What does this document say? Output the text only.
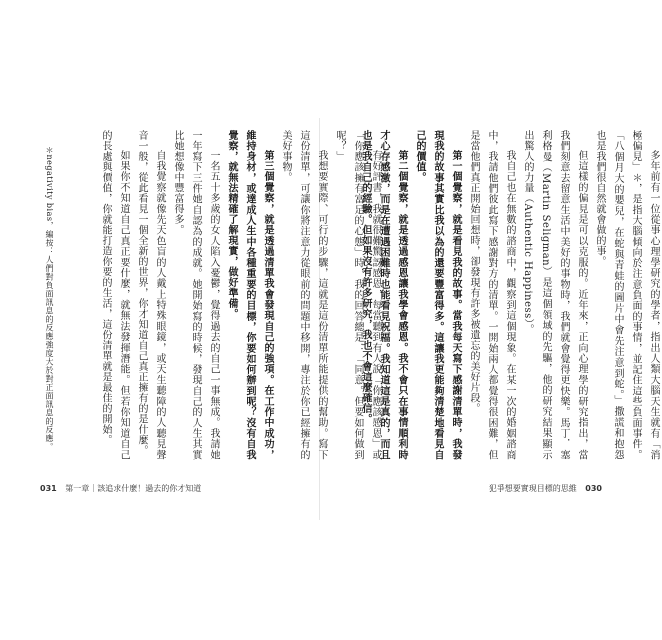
＊negativity bias，編按：人們對負面訊息的反應強度大於對正面訊息的反應。	有好評書，我就很難驚訝感恩，每當聽到有人說「你應該感恩」或「你應該擁有富足的心態」時，我的回答總是：「同意。但要如何做到呢？」

我想要實際、可行的步驟，這就是這份清單所能提供的幫助。寫下這份清單，可讓你將注意力從眼前的問題中移開，專注於你已經擁有的美好事物。

第三個覺察，就是透過清單我會發現自己的強項。在工作中成功，維持身材，或達成人生中各種重要的目標，你要如何辦到呢？沒有自我覺察，就無法精確了解現實，做好準備。

一名五十多歲的女人陷入憂鬱，覺得過去的自己一事無成。我請她一年寫下三件她自認為的成就。她開始寫的時候，發現自己的人生其實比她想像中豐富得多。

自我覺察就像先天色盲的人戴上特殊眼鏡，或天生聽障的人聽見聲音一般，從此看見一個全新的世界，你才知道自己真正擁有的是什麼。

如果你不知道自己真正要什麼，就無法發揮潛能。但若你知道自己的長處與價值，你就能打造你要的生活，這份清單就是最佳的開始。	多年前有一位從事心理學研究的學者，指出人類大腦天生就有「消極偏見」＊，是指大腦傾向於注意負面的事情，並記住這些負面事件。「八個月大的嬰兒，在蛇與青蛙的圖片中會先注意到蛇。」撒謊和抱怨也是我們很自然就會做的事。

但這樣的偏見是可以克服的。近年來，正向心理學的研究指出，當我們刻意去留意生活中美好的事物時，我們就會覺得更快樂。馬丁．塞利格曼（Martin Seligman）是這個領域的先驅，他的研究結果顯示出驚人的力量（Authentic Happiness）。

我自己也在無數的諮商中，觀察到這個現象。在某一次的婚姻諮商中，我請他們彼此寫下感謝對方的清單。一開始兩人都覺得很困難，但是當他們真正開始回想時，卻發現有許多被遺忘的美好片段。

第一個覺察，就是看見我的故事。當我每天寫下感謝清單時，我發現我的故事其實比我以為的還要豐富得多。這讓我更能夠清楚地看見自己的價值。

第二個覺察，就是透過感恩讓我學會感恩。我不會只在事情順利時才心存感激，而是在遭遇困難時也能看見祝福。我知道這是真的，而且也是我自己的經驗。但如果沒有許多研究，我也不會這麼確信。

031 第一章｜該追求什麼！過去的你才知道	犯爭想要實現目標的思維 030
